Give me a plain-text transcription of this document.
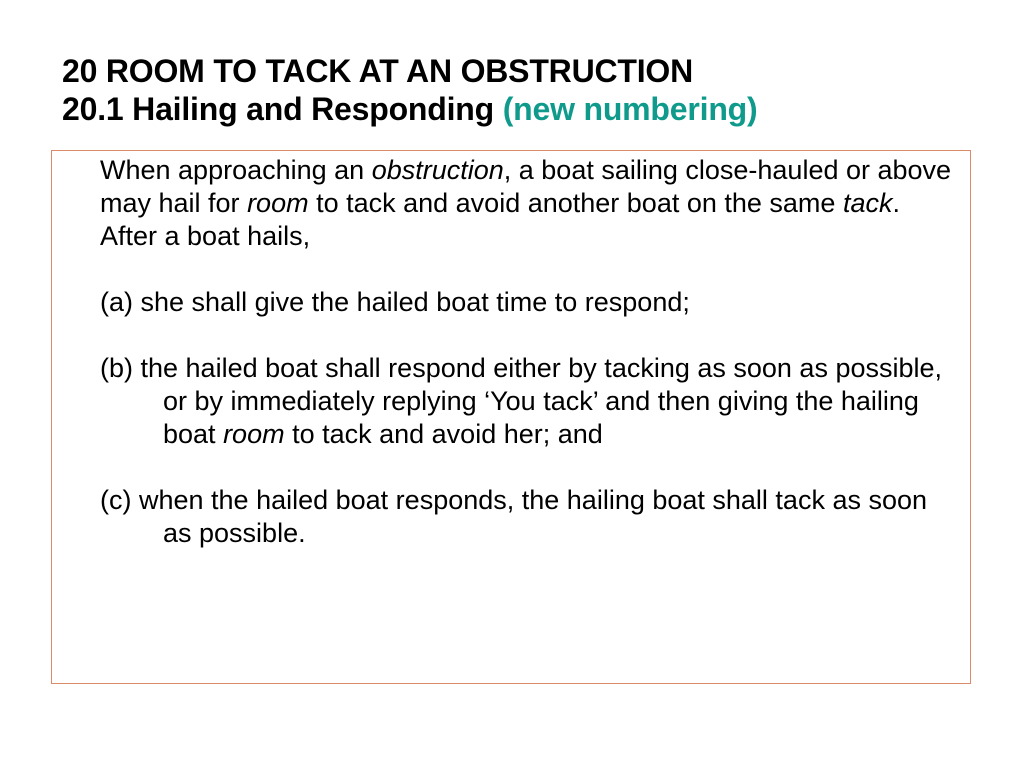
20 ROOM TO TACK AT AN OBSTRUCTION
20.1 Hailing and Responding (new numbering)

When approaching an obstruction, a boat sailing close-hauled or above may hail for room to tack and avoid another boat on the same tack. After a boat hails,

(a) she shall give the hailed boat time to respond;

(b) the hailed boat shall respond either by tacking as soon as possible, or by immediately replying ‘You tack’ and then giving the hailing boat room to tack and avoid her; and

(c) when the hailed boat responds, the hailing boat shall tack as soon as possible.
